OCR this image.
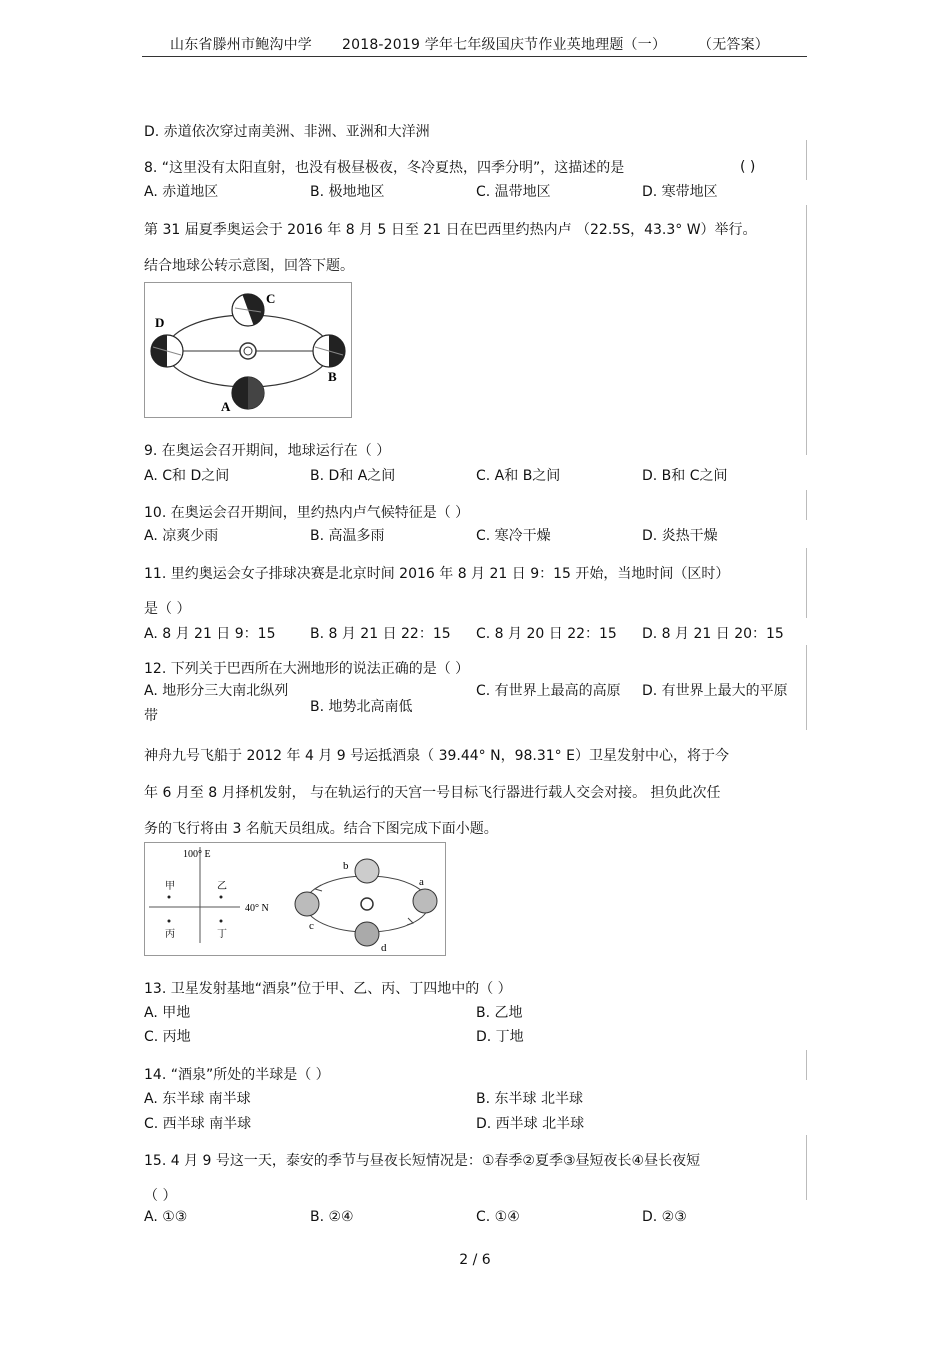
山东省滕州市鲍沟中学 2018-2019 学年七年级国庆节作业英地理题（一） （无答案）
D. 赤道依次穿过南美洲、非洲、亚洲和大洋洲
8. “这里没有太阳直射，也没有极昼极夜，冬冷夏热，四季分明”，这描述的是	( )
A. 赤道地区	B. 极地地区	C. 温带地区	D. 寒带地区
第 31 届夏季奥运会于 2016 年 8 月 5 日至 21 日在巴西里约热内卢 （22.5S，43.3° W）举行。
结合地球公转示意图，回答下题。
C
D
B
A
9. 在奥运会召开期间，地球运行在（ ）
A. C和 D之间	B. D和 A之间	C. A和 B之间	D. B和 C之间
10. 在奥运会召开期间，里约热内卢气候特征是（ ）
A. 凉爽少雨	B. 高温多雨	C. 寒冷干燥	D. 炎热干燥
11. 里约奥运会女子排球决赛是北京时间 2016 年 8 月 21 日 9：15 开始，当地时间（区时）
是（ ）
A. 8 月 21 日 9：15 B. 8 月 21 日 22：15 C. 8 月 20 日 22：15 D. 8 月 21 日 20：15
12. 下列关于巴西所在大洲地形的说法正确的是（ ）
A. 地形分三大南北纵列带
B. 地势北高南低
C. 有世界上最高的高原	D. 有世界上最大的平原
神舟九号飞船于 2012 年 4 月 9 号运抵酒泉（ 39.44° N，98.31° E）卫星发射中心，将于今
年 6 月至 8 月择机发射， 与在轨运行的天宫一号目标飞行器进行载人交会对接。 担负此次任
务的飞行将由 3 名航天员组成。结合下图完成下面小题。
100° E
40° N
甲	乙
丙	丁
b
a
c
d
13. 卫星发射基地“酒泉”位于甲、乙、丙、丁四地中的（ ）
A. 甲地	B. 乙地
C. 丙地	D. 丁地
14. “酒泉”所处的半球是（ ）
A. 东半球 南半球	B. 东半球 北半球
C. 西半球 南半球	D. 西半球 北半球
15. 4 月 9 号这一天，泰安的季节与昼夜长短情况是：①春季②夏季③昼短夜长④昼长夜短
（ ）
A. ①③	B. ②④	C. ①④	D. ②③
2 / 6
